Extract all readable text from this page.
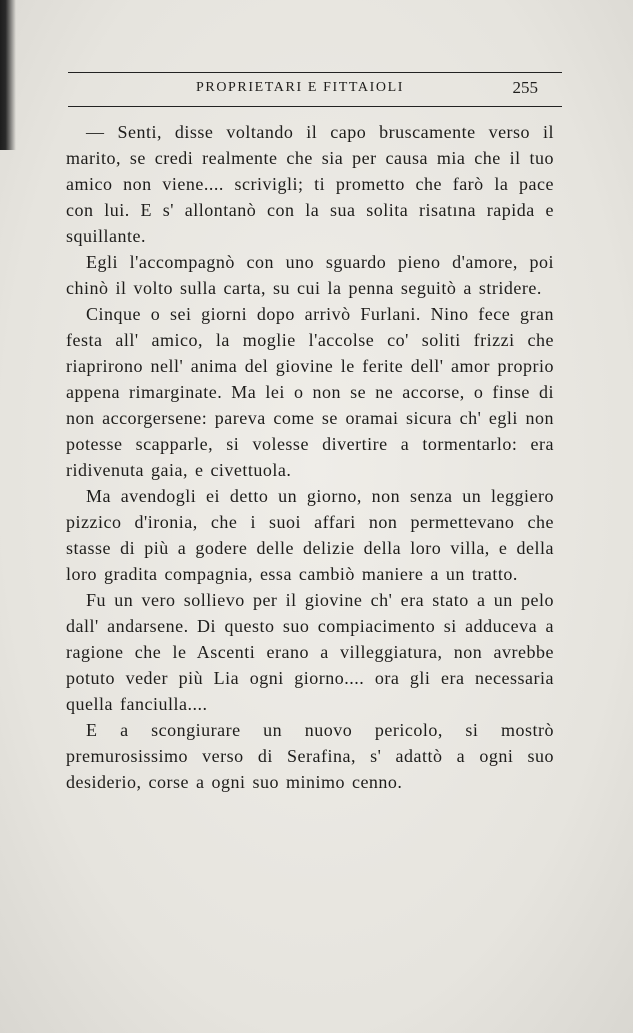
PROPRIETARI E FITTAIOLI	255

— Senti, disse voltando il capo bruscamente verso il marito, se credi realmente che sia per causa mia che il tuo amico non viene.... scrivigli; ti prometto che farò la pace con lui. E s' allontanò con la sua solita risatına rapida e squillante.

Egli l'accompagnò con uno sguardo pieno d'amore, poi chinò il volto sulla carta, su cui la penna seguitò a stridere.

Cinque o sei giorni dopo arrivò Furlani. Nino fece gran festa all' amico, la moglie l'accolse co' soliti frizzi che riaprirono nell' anima del giovine le ferite dell' amor proprio appena rimarginate. Ma lei o non se ne accorse, o finse di non accorgersene: pareva come se oramai sicura ch' egli non potesse scapparle, si volesse divertire a tormentarlo: era ridivenuta gaia, e civettuola.

Ma avendogli ei detto un giorno, non senza un leggiero pizzico d'ironia, che i suoi affari non permettevano che stasse di più a godere delle delizie della loro villa, e della loro gradita compagnia, essa cambiò maniere a un tratto.

Fu un vero sollievo per il giovine ch' era stato a un pelo dall' andarsene. Di questo suo compiacimento si adduceva a ragione che le Ascenti erano a villeggiatura, non avrebbe potuto veder più Lia ogni giorno.... ora gli era necessaria quella fanciulla....

E a scongiurare un nuovo pericolo, si mostrò premurosissimo verso di Serafina, s' adattò a ogni suo desiderio, corse a ogni suo minimo cenno.
